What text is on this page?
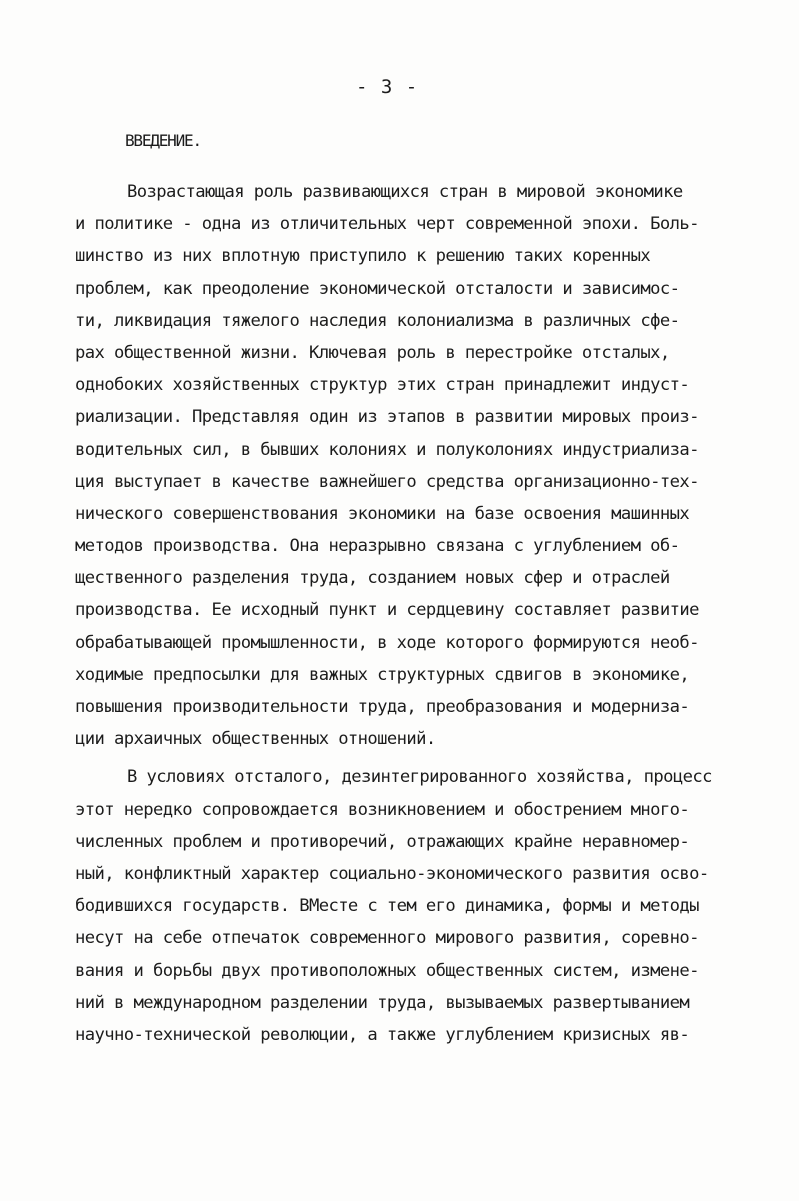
- 3 -
ВВЕДЕНИЕ.
Возрастающая роль развивающихся стран в мировой экономике
и политике - одна из отличительных черт современной эпохи. Боль-
шинство из них вплотную приступило к решению таких коренных
проблем, как преодоление экономической отсталости и зависимос-
ти, ликвидация тяжелого наследия колониализма в различных сфе-
рах общественной жизни. Ключевая роль в перестройке отсталых,
однобоких хозяйственных структур этих стран принадлежит индуст-
риализации. Представляя один из этапов в развитии мировых произ-
водительных сил, в бывших колониях и полуколониях индустриализа-
ция выступает в качестве важнейшего средства организационно-тех-
нического совершенствования экономики на базе освоения машинных
методов производства. Она неразрывно связана с углублением об-
щественного разделения труда, созданием новых сфер и отраслей
производства. Ее исходный пункт и сердцевину составляет развитие
обрабатывающей промышленности, в ходе которого формируются необ-
ходимые предпосылки для важных структурных сдвигов в экономике,
повышения производительности труда, преобразования и модерниза-
ции архаичных общественных отношений.
В условиях отсталого, дезинтегрированного хозяйства, процесс
этот нередко сопровождается возникновением и обострением много-
численных проблем и противоречий, отражающих крайне неравномер-
ный, конфликтный характер социально-экономического развития осво-
бодившихся государств. ВМесте с тем его динамика, формы и методы
несут на себе отпечаток современного мирового развития, соревно-
вания и борьбы двух противоположных общественных систем, измене-
ний в международном разделении труда, вызываемых развертыванием
научно-технической революции, а также углублением кризисных яв-
